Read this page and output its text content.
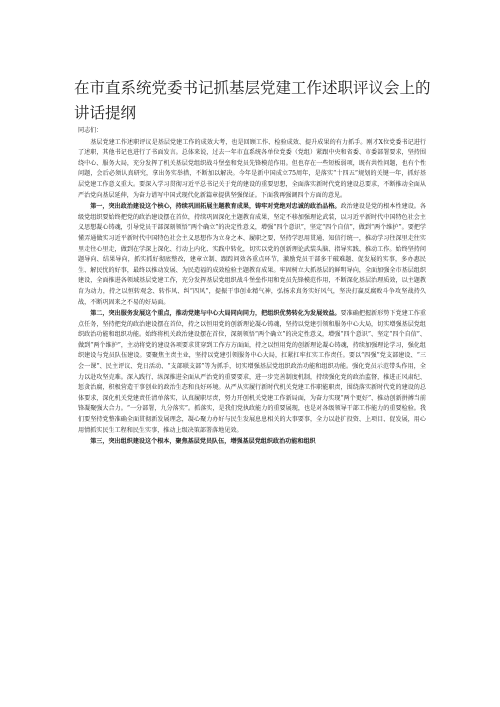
在市直系统党委书记抓基层党建工作述职评议会上的讲话提纲

同志们：

基层党建工作述职评议是基层党建工作的成效大考，也是回顾工作、检验成效、提升成果的有力抓手。刚才X位党委书记进行了述职，其他书记也进行了书面发言。总体来说，过去一年市直系统各单位党委（党组）紧跟中央和省委、市委部署要求，坚持围绕中心、服务大局，充分发挥了机关基层党组织战斗堡垒和党员先锋模范作用。但也存在一些短板弱项，既有共性问题，也有个性问题，会后必须认真研究，拿出务实举措，不断加以解决。今年是新中国成立75周年，是落实“十四五”规划的关键一年，抓好基层党建工作意义重大。要深入学习贯彻习近平总书记关于党的建设的重要思想，全面落实新时代党的建设总要求，不断推动全面从严治党向基层延伸，为奋力谱写中国式现代化新篇章提供坚强保证。下面我再强调四个方面的意见。

第一，突出政治建设这个核心，持续巩固拓展主题教育成果，铸牢对党绝对忠诚的政治品格。政治建设是党的根本性建设。各级党组织要始终把党的政治建设摆在首位，持续巩固深化主题教育成果，坚定不移加强理论武装，以习近平新时代中国特色社会主义思想凝心铸魂，引导党员干部深刻领悟“两个确立”的决定性意义，增强“四个意识”，坚定“四个自信”，做到“两个维护”。要把学懂弄通做实习近平新时代中国特色社会主义思想作为立身之本、履职之要，坚持学思用贯通、知信行统一，推动学习往深里走往实里走往心里走，做到在学深上深化、行动上内化、实践中转化，切实以党的创新理论武装头脑、指导实践、推动工作。始终坚持问题导向、结果导向，抓实抓好彻底整改，建章立制、跟踪问效各重点环节，激励党员干部多干破难题、促发展的实事，多办惠民生、解民忧的好事，最终以推动发展、为民造福的成效检验主题教育成果。牢固树立大抓基层的鲜明导向，全面加强全市基层组织建设，全面推进各领域基层党建工作，充分发挥基层党组织战斗堡垒作用和党员先锋模范作用，不断深化基层治理质效，以主题教育为动力，持之以恒转观念、转作风、纠“四风”，提振干事创业精气神，弘扬求真务实好风气，坚决打赢反腐败斗争攻坚战持久战，不断巩固来之不易的好局面。

第二，突出服务发展这个重点，推动党建与中心大局同向同力，把组织优势转化为发展效益。要准确把握新形势下党建工作重点任务，坚持把党的政治建设摆在首位，持之以恒用党的创新理论凝心铸魂，坚持以党建引领和服务中心大局，切实增强基层党组织政治功能和组织功能。始终将机关政治建设摆在首位，深刻领悟“两个确立”的决定性意义，增强“四个意识”、坚定“四个自信”、做到“两个维护”，主动将党的建设各项要求贯穿到工作方方面面，持之以恒用党的创新理论凝心铸魂，持续加强理论学习，强化组织建设与党员队伍建设。要聚焦主责主业，坚持以党建引领服务中心大局，扛紧扛牢扛实工作责任。要以“四强”党支部建设、“三会一课”、民主评议、党日活动、“支部联支部”等为抓手，切实增强基层党组织政治功能和组织功能。强化党员示范带头作用，全力以赴攻坚克难。深入践行、纵深推进全面从严治党的重要要求，进一步完善制度机制，持续强化党的政治监督，推进正风肃纪、惩贪治腐，积极营造干事创业的政治生态和良好环境。从严从实履行新时代机关党建工作职能职责，围绕落实新时代党的建设的总体要求，深化机关党建责任清单落实，认真履职尽责，努力开创机关党建工作新局面，为奋力实现“两个更好”、推动创新拼搏当前锋凝聚强大合力。“一分部署，九分落实”。抓落实，是我们党执政能力的重要展现，也是对各级领导干部工作能力的重要检验。我们要坚持党整准确全面贯彻新发展理念，凝心聚力办好与民生发展息息相关的大事要事，全力以赴扩投资、上项目、促发展，用心用情抓实民生工程和民生实事，推动上级决策部署落地见效。

第三，突出组织建设这个根本，聚焦基层党员队伍，增强基层党组织政治功能和组织
